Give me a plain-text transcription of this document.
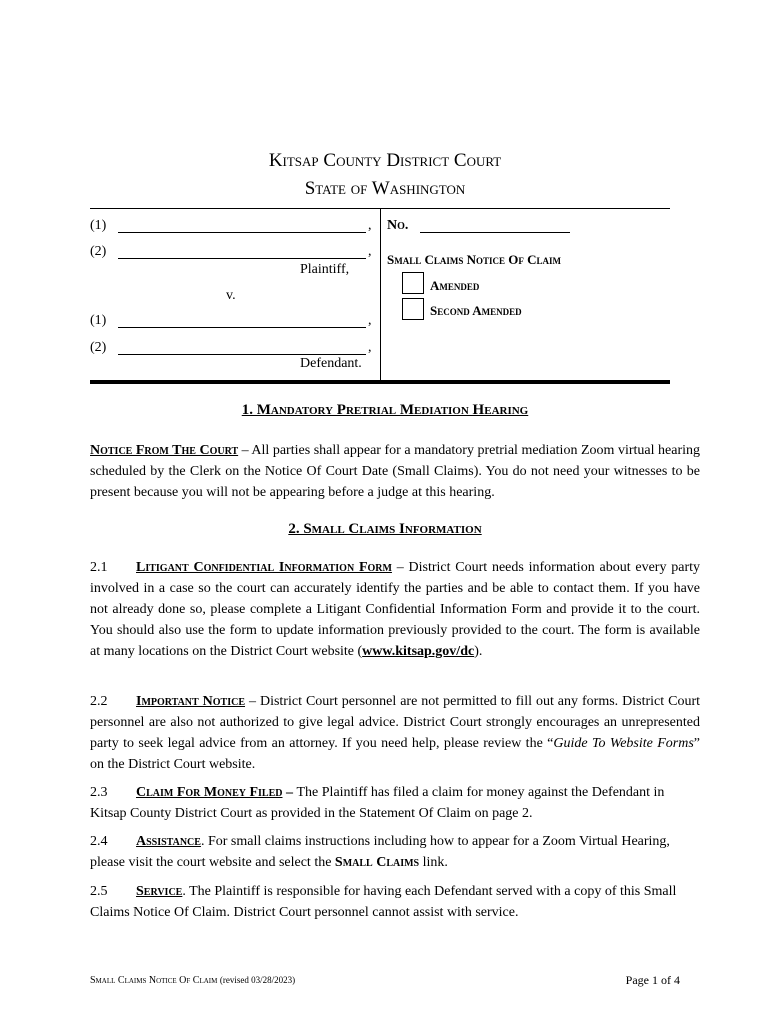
Kitsap County District Court
State of Washington
(1)	,
(2)	,
Plaintiff,
v.
(1)	,
(2)	,
Defendant.
No.
Small Claims Notice Of Claim
Amended
Second Amended
1. Mandatory Pretrial Mediation Hearing
Notice From The Court – All parties shall appear for a mandatory pretrial mediation Zoom virtual hearing scheduled by the Clerk on the Notice Of Court Date (Small Claims). You do not need your witnesses to be present because you will not be appearing before a judge at this hearing.
2. Small Claims Information
2.1 Litigant Confidential Information Form – District Court needs information about every party involved in a case so the court can accurately identify the parties and be able to contact them. If you have not already done so, please complete a Litigant Confidential Information Form and provide it to the court. You should also use the form to update information previously provided to the court. The form is available at many locations on the District Court website (www.kitsap.gov/dc).
2.2 Important Notice – District Court personnel are not permitted to fill out any forms. District Court personnel are also not authorized to give legal advice. District Court strongly encourages an unrepresented party to seek legal advice from an attorney. If you need help, please review the “Guide To Website Forms” on the District Court website.
2.3 Claim For Money Filed – The Plaintiff has filed a claim for money against the Defendant in Kitsap County District Court as provided in the Statement Of Claim on page 2.
2.4 Assistance. For small claims instructions including how to appear for a Zoom Virtual Hearing, please visit the court website and select the Small Claims link.
2.5 Service. The Plaintiff is responsible for having each Defendant served with a copy of this Small Claims Notice Of Claim. District Court personnel cannot assist with service.
Small Claims Notice Of Claim (revised 03/28/2023)	Page 1 of 4
